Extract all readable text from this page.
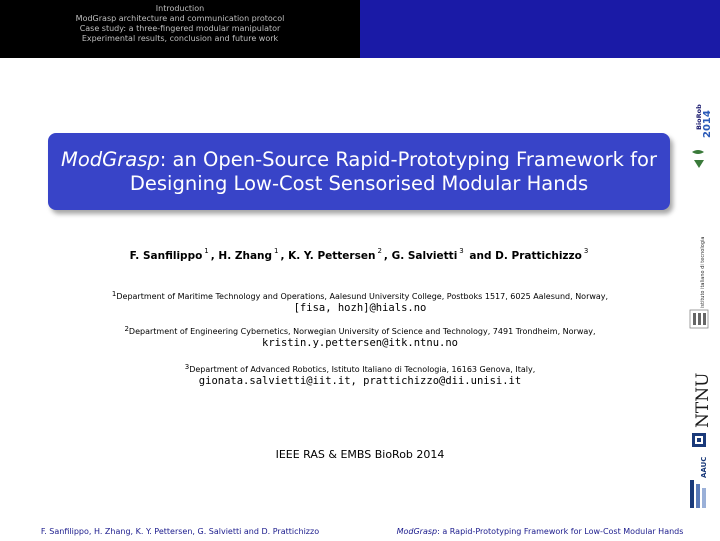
Introduction
ModGrasp architecture and communication protocol
Case study: a three-fingered modular manipulator
Experimental results, conclusion and future work
ModGrasp: an Open-Source Rapid-Prototyping Framework for
Designing Low-Cost Sensorised Modular Hands
F. Sanfilippo $^1$ , H. Zhang $^1$ , K. Y. Pettersen $^2$ , G. Salvietti $^3$ and D. Prattichizzo $^3$
$^1$Department of Maritime Technology and Operations, Aalesund University College, Postboks 1517, 6025 Aalesund, Norway,
[fisa, hozh]@hials.no
$^2$Department of Engineering Cybernetics, Norwegian University of Science and Technology, 7491 Trondheim, Norway,
kristin.y.pettersen@itk.ntnu.no
$^3$Department of Advanced Robotics, Istituto Italiano di Tecnologia, 16163 Genova, Italy,
gionata.salvietti@iit.it, prattichizzo@dii.unisi.it
IEEE RAS & EMBS BioRob 2014
BioRob 2014
istituto italiano di tecnologia
NTNU
AAUC
F. Sanfilippo, H. Zhang, K. Y. Pettersen, G. Salvietti and D. Prattichizzo	ModGrasp: a Rapid-Prototyping Framework for Low-Cost Modular Hands
